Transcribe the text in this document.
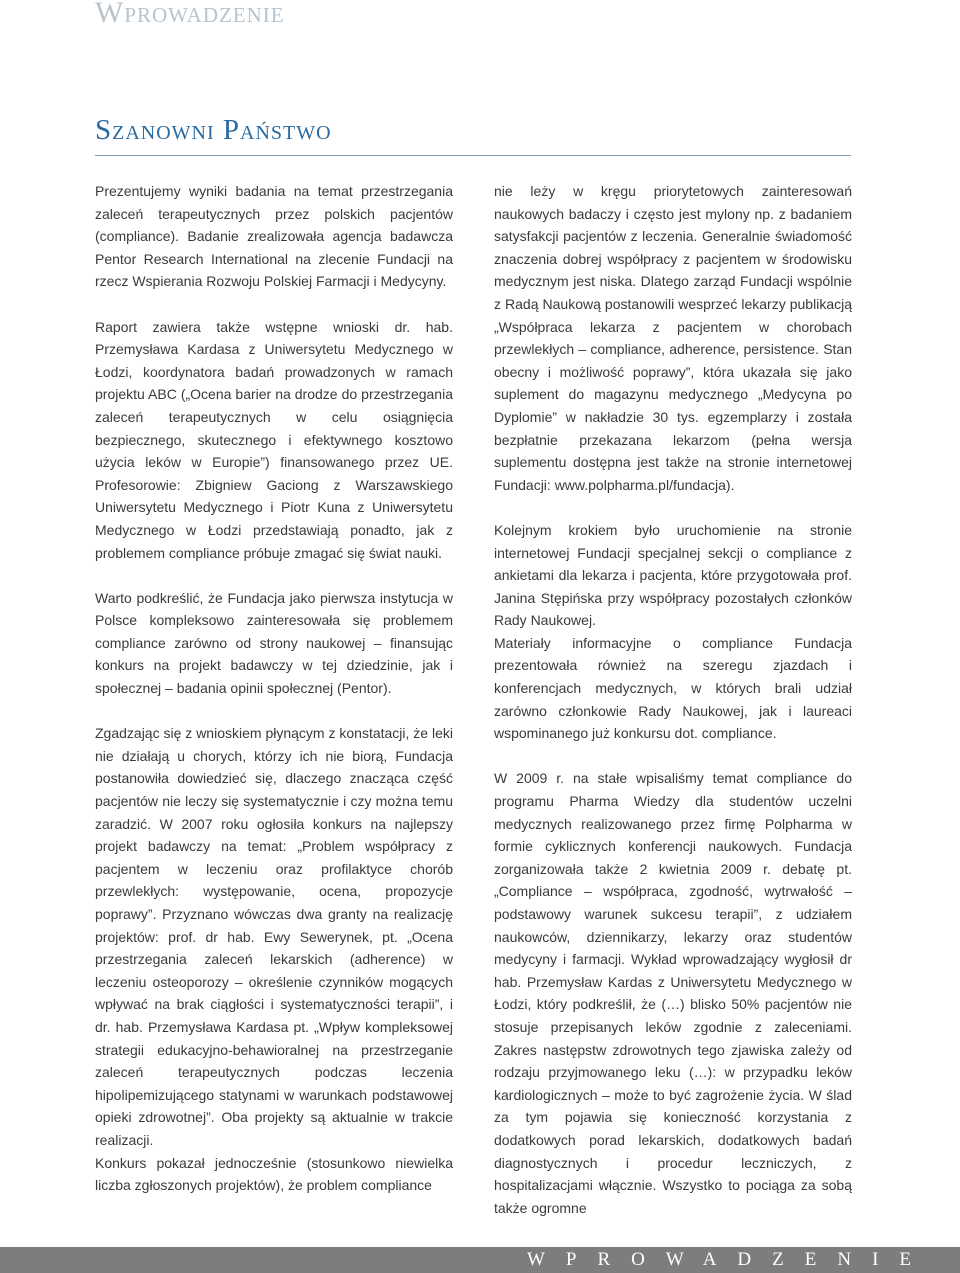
Wprowadzenie
Szanowni Państwo

Prezentujemy wyniki badania na temat przestrzegania zaleceń terapeutycznych przez polskich pacjentów (compliance). Badanie zrealizowała agencja badawcza Pentor Research International na zlecenie Fundacji na rzecz Wspierania Rozwoju Polskiej Farmacji i Medycyny.

Raport zawiera także wstępne wnioski dr. hab. Przemysława Kardasa z Uniwersytetu Medycznego w Łodzi, koordynatora badań prowadzonych w ramach projektu ABC („Ocena barier na drodze do przestrzegania zaleceń terapeutycznych w celu osiągnięcia bezpiecznego, skutecznego i efektywnego kosztowo użycia leków w Europie”) finansowanego przez UE. Profesorowie: Zbigniew Gaciong z Warszawskiego Uniwersytetu Medycznego i Piotr Kuna z Uniwersytetu Medycznego w Łodzi przedstawiają ponadto, jak z problemem compliance próbuje zmagać się świat nauki.

Warto podkreślić, że Fundacja jako pierwsza instytucja w Polsce kompleksowo zainteresowała się problemem compliance zarówno od strony naukowej – finansując konkurs na projekt badawczy w tej dziedzinie, jak i społecznej – badania opinii społecznej (Pentor).

Zgadzając się z wnioskiem płynącym z konstatacji, że leki nie działają u chorych, którzy ich nie biorą, Fundacja postanowiła dowiedzieć się, dlaczego znacząca część pacjentów nie leczy się systematycznie i czy można temu zaradzić. W 2007 roku ogłosiła konkurs na najlepszy projekt badawczy na temat: „Problem współpracy z pacjentem w leczeniu oraz profilaktyce chorób przewlekłych: występowanie, ocena, propozycje poprawy”. Przyznano wówczas dwa granty na realizację projektów: prof. dr hab. Ewy Sewerynek, pt. „Ocena przestrzegania zaleceń lekarskich (adherence) w leczeniu osteoporozy – określenie czynników mogących wpływać na brak ciągłości i systematyczności terapii”, i dr. hab. Przemysława Kardasa pt. „Wpływ kompleksowej strategii edukacyjno-behawioralnej na przestrzeganie zaleceń terapeutycznych podczas leczenia hipolipemizującego statynami w warunkach podstawowej opieki zdrowotnej”. Oba projekty są aktualnie w trakcie realizacji.

Konkurs pokazał jednocześnie (stosunkowo niewielka liczba zgłoszonych projektów), że problem compliance

nie leży w kręgu priorytetowych zainteresowań naukowych badaczy i często jest mylony np. z badaniem satysfakcji pacjentów z leczenia. Generalnie świadomość znaczenia dobrej współpracy z pacjentem w środowisku medycznym jest niska. Dlatego zarząd Fundacji wspólnie z Radą Naukową postanowili wesprzeć lekarzy publikacją „Współpraca lekarza z pacjentem w chorobach przewlekłych – compliance, adherence, persistence. Stan obecny i możliwość poprawy”, która ukazała się jako suplement do magazynu medycznego „Medycyna po Dyplomie” w nakładzie 30 tys. egzemplarzy i została bezpłatnie przekazana lekarzom (pełna wersja suplementu dostępna jest także na stronie internetowej Fundacji: www.polpharma.pl/fundacja).

Kolejnym krokiem było uruchomienie na stronie internetowej Fundacji specjalnej sekcji o compliance z ankietami dla lekarza i pacjenta, które przygotowała prof. Janina Stępińska przy współpracy pozostałych członków Rady Naukowej.

Materiały informacyjne o compliance Fundacja prezentowała również na szeregu zjazdach i konferencjach medycznych, w których brali udział zarówno członkowie Rady Naukowej, jak i laureaci wspominanego już konkursu dot. compliance.

W 2009 r. na stałe wpisaliśmy temat compliance do programu Pharma Wiedzy dla studentów uczelni medycznych realizowanego przez firmę Polpharma w formie cyklicznych konferencji naukowych. Fundacja zorganizowała także 2 kwietnia 2009 r. debatę pt. „Compliance – współpraca, zgodność, wytrwałość – podstawowy warunek sukcesu terapii”, z udziałem naukowców, dziennikarzy, lekarzy oraz studentów medycyny i farmacji. Wykład wprowadzający wygłosił dr hab. Przemysław Kardas z Uniwersytetu Medycznego w Łodzi, który podkreślił, że (…) blisko 50% pacjentów nie stosuje przepisanych leków zgodnie z zaleceniami. Zakres następstw zdrowotnych tego zjawiska zależy od rodzaju przyjmowanego leku (…): w przypadku leków kardiologicznych – może to być zagrożenie życia. W ślad za tym pojawia się konieczność korzystania z dodatkowych porad lekarskich, dodatkowych badań diagnostycznych i procedur leczniczych, z hospitalizacjami włącznie. Wszystko to pociąga za sobą także ogromne

WPROWADZENIE
